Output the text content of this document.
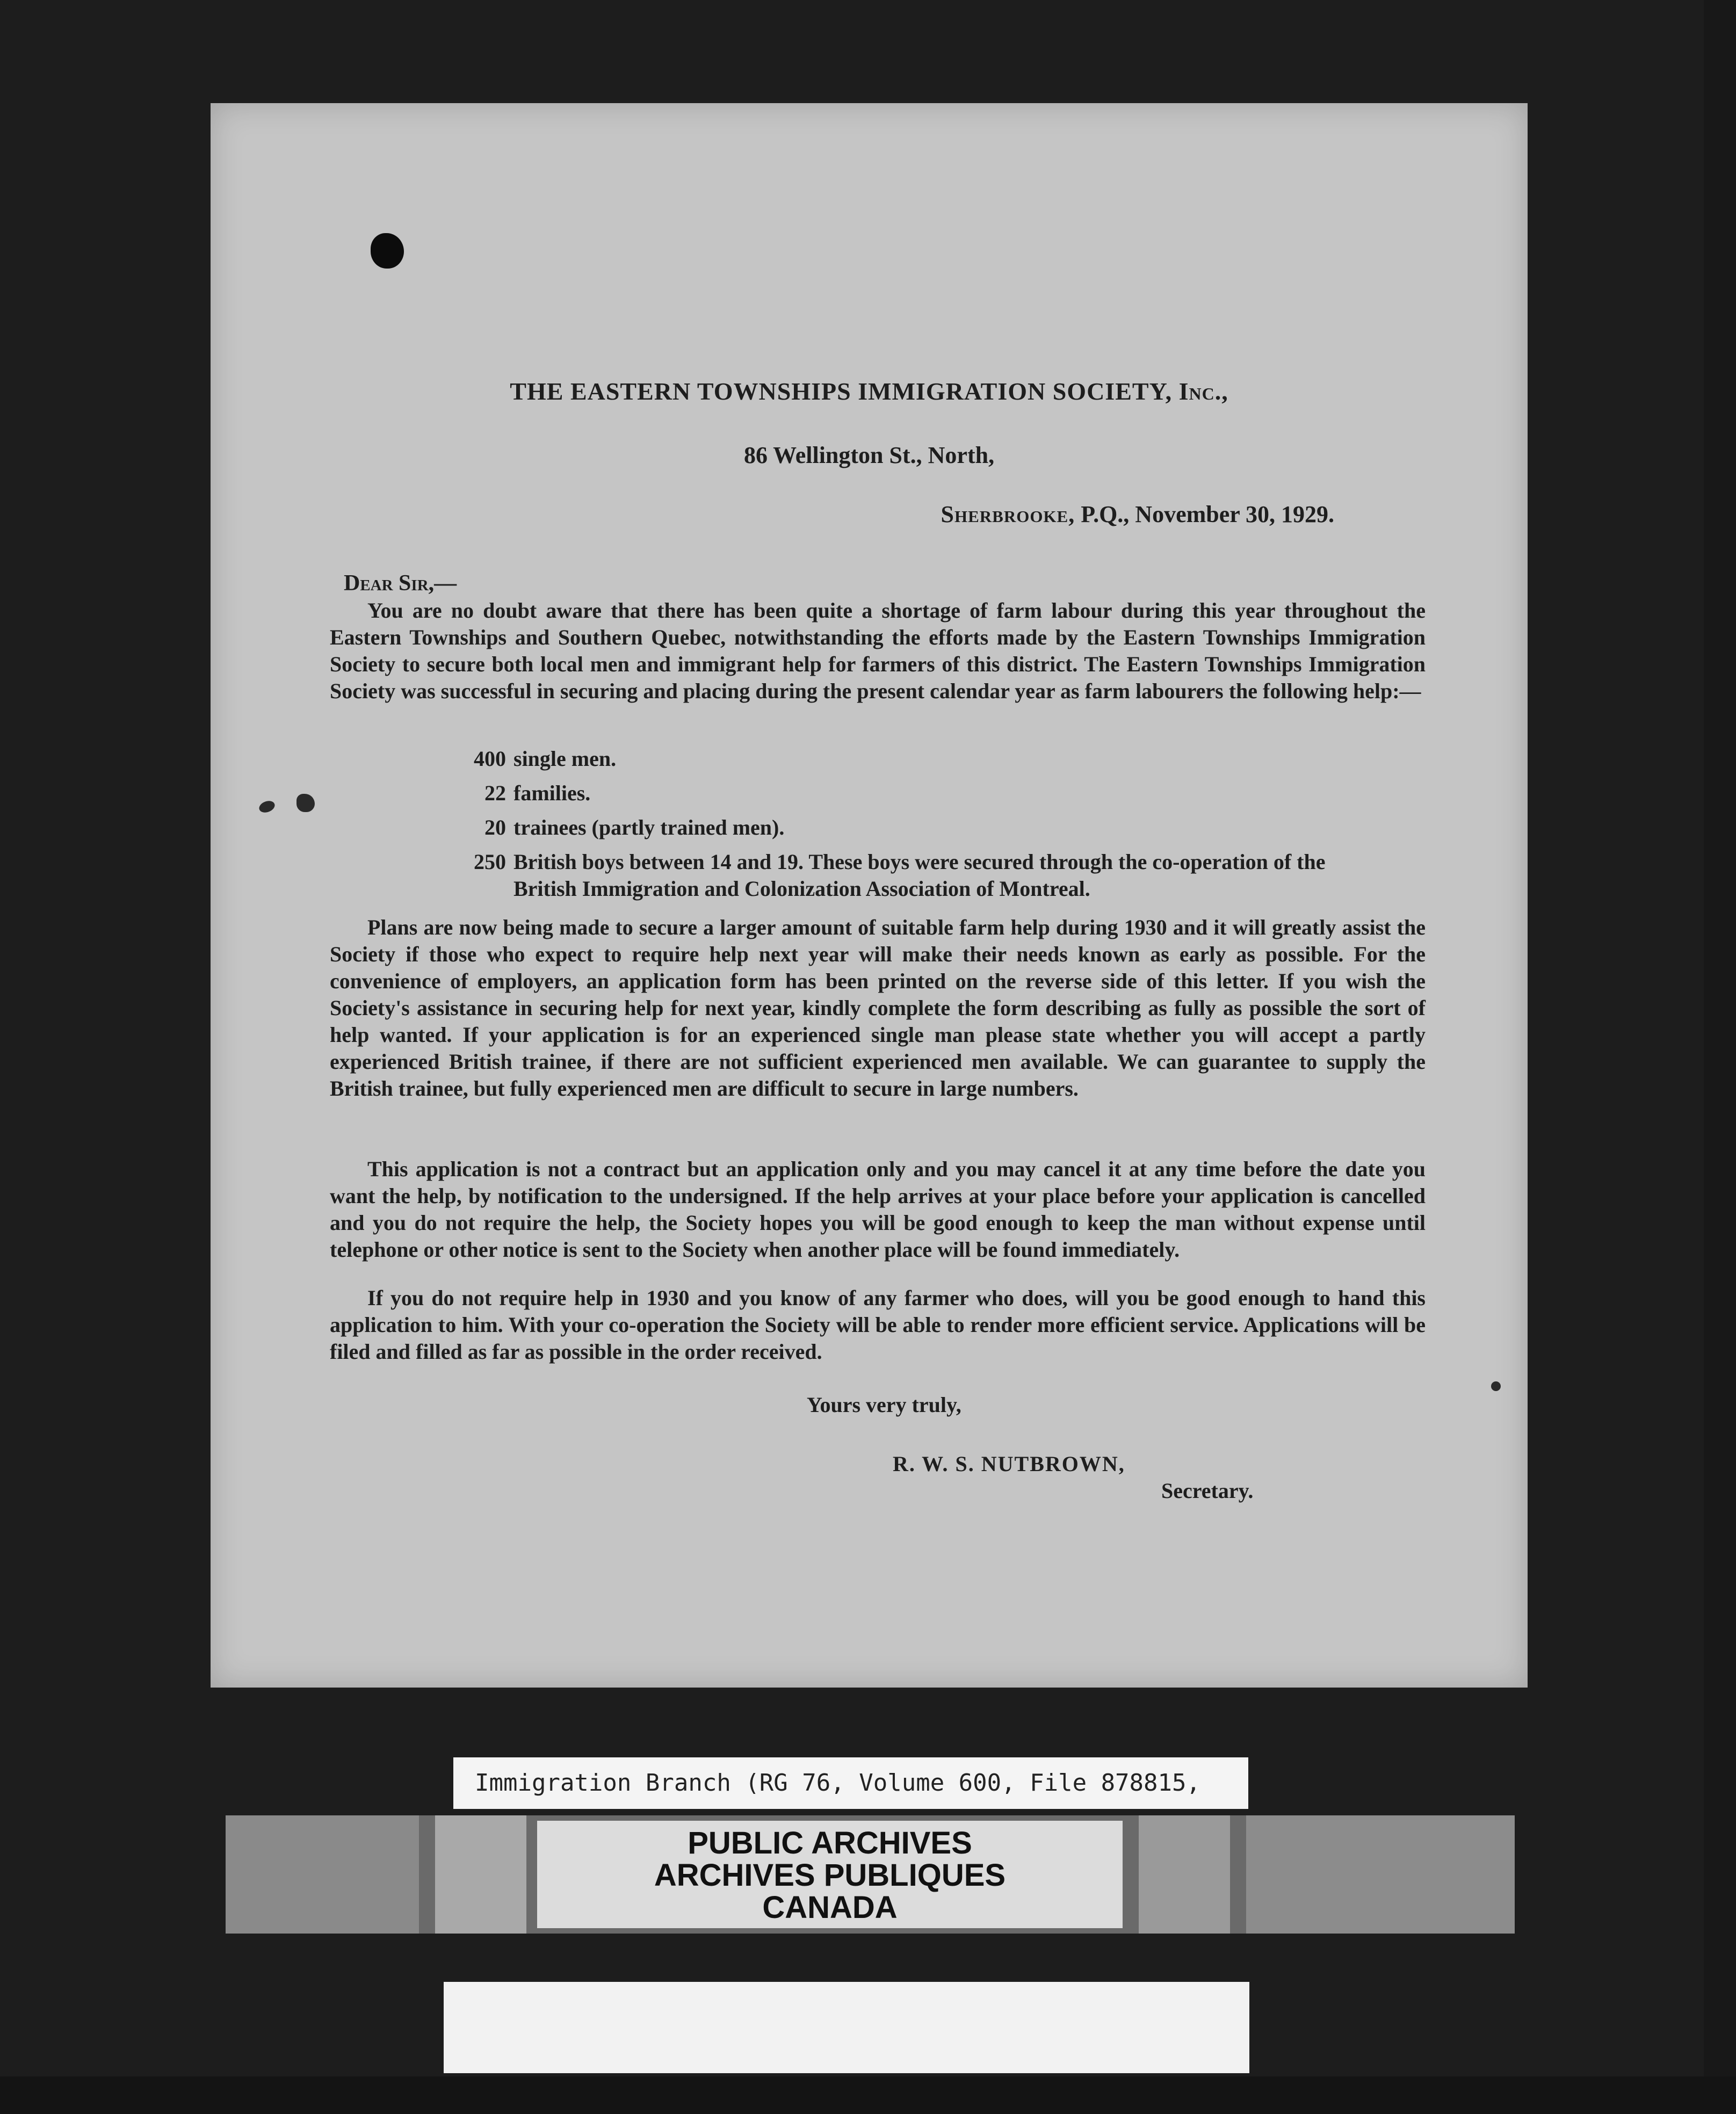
THE EASTERN TOWNSHIPS IMMIGRATION SOCIETY, Inc.,
86 Wellington St., North,
Sherbrooke, P.Q., November 30, 1929.
Dear Sir,—

You are no doubt aware that there has been quite a shortage of farm labour during this year throughout the Eastern Townships and Southern Quebec, notwithstanding the efforts made by the Eastern Townships Immigration Society to secure both local men and immigrant help for farmers of this district. The Eastern Townships Immigration Society was successful in securing and placing during the present calendar year as farm labourers the following help:—

400 single men.
22 families.
20 trainees (partly trained men).
250 British boys between 14 and 19. These boys were secured through the co-operation of the British Immigration and Colonization Association of Montreal.

Plans are now being made to secure a larger amount of suitable farm help during 1930 and it will greatly assist the Society if those who expect to require help next year will make their needs known as early as possible. For the convenience of employers, an application form has been printed on the reverse side of this letter. If you wish the Society's assistance in securing help for next year, kindly complete the form describing as fully as possible the sort of help wanted. If your application is for an experienced single man please state whether you will accept a partly experienced British trainee, if there are not sufficient experienced men available. We can guarantee to supply the British trainee, but fully experienced men are difficult to secure in large numbers.

This application is not a contract but an application only and you may cancel it at any time before the date you want the help, by notification to the undersigned. If the help arrives at your place before your application is cancelled and you do not require the help, the Society hopes you will be good enough to keep the man without expense until telephone or other notice is sent to the Society when another place will be found immediately.

If you do not require help in 1930 and you know of any farmer who does, will you be good enough to hand this application to him. With your co-operation the Society will be able to render more efficient service. Applications will be filed and filled as far as possible in the order received.

Yours very truly,
R. W. S. NUTBROWN,
Secretary.
Immigration Branch (RG 76, Volume 600, File 878815,
PUBLIC ARCHIVES
ARCHIVES PUBLIQUES
CANADA
